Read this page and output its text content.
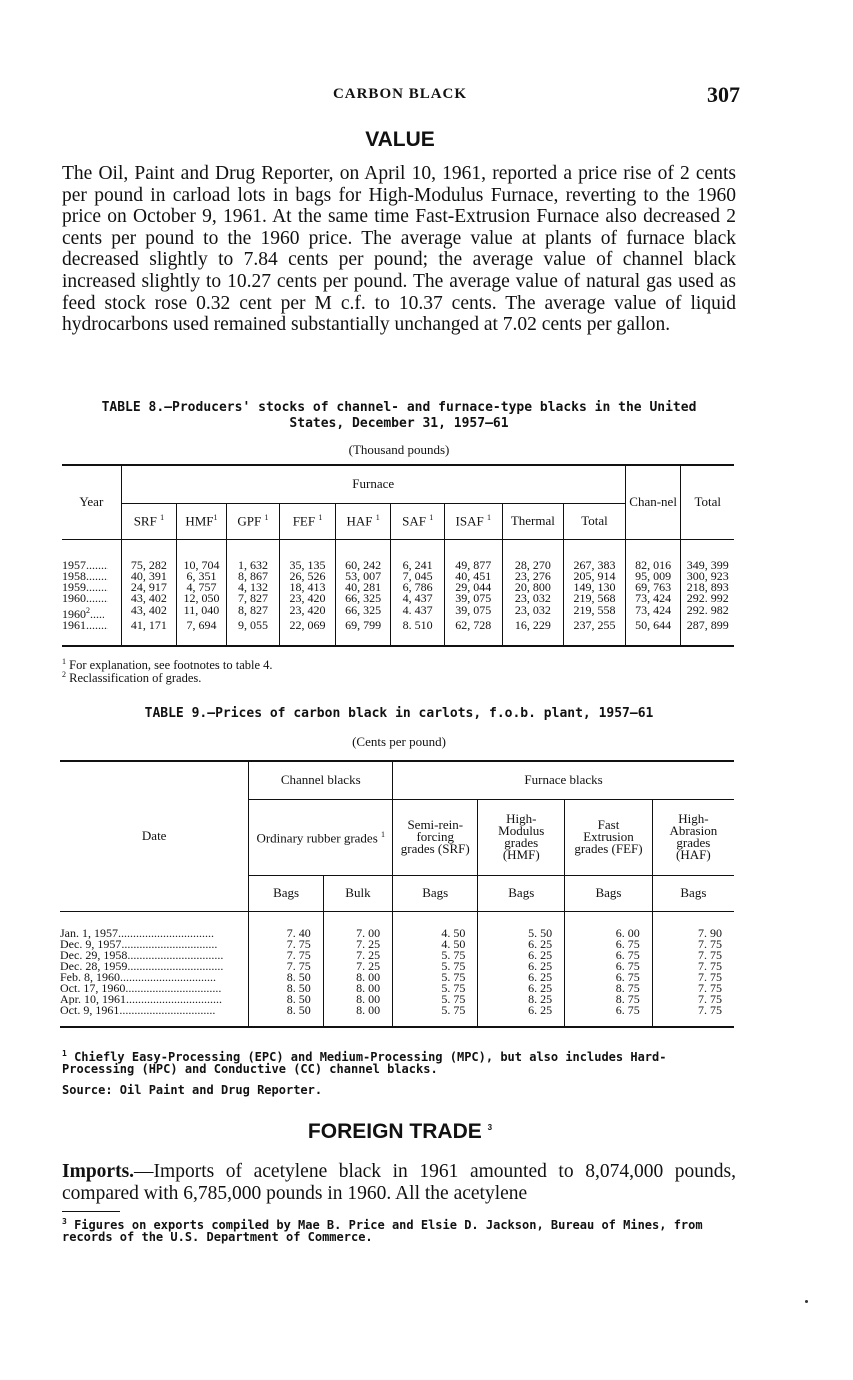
CARBON BLACK	307
VALUE

The Oil, Paint and Drug Reporter, on April 10, 1961, reported a price rise of 2 cents per pound in carload lots in bags for High-Modulus Furnace, reverting to the 1960 price on October 9, 1961. At the same time Fast-Extrusion Furnace also decreased 2 cents per pound to the 1960 price. The average value at plants of furnace black decreased slightly to 7.84 cents per pound; the average value of channel black increased slightly to 10.27 cents per pound. The average value of natural gas used as feed stock rose 0.32 cent per M c.f. to 10.37 cents. The average value of liquid hydrocarbons used remained substantially unchanged at 7.02 cents per gallon.

TABLE 8.—Producers' stocks of channel- and furnace-type blacks in the United
States, December 31, 1957–61
(Thousand pounds)
Year	Furnace									Chan-nel	Total
	SRF $^1$	HMF$^1$	GPF $^1$	FEF $^1$	HAF $^1$	SAF $^1$	ISAF $^1$	Thermal	Total		
1957.....	75, 282	10, 704	1, 632	35, 135	60, 242	6, 241	49, 877	28, 270	267, 383	82, 016	349, 399
1958.....	40, 391	6, 351	8, 867	26, 526	53, 007	7, 045	40, 451	23, 276	205, 914	95, 009	300, 923
1959.....	24, 917	4, 757	4, 132	18, 413	40, 281	6, 786	29, 044	20, 800	149, 130	69, 763	218, 893
1960.....	43, 402	12, 050	7, 827	23, 420	66, 325	4, 437	39, 075	23, 032	219, 568	73, 424	292. 992
1960$^2$.....	43, 402	11, 040	8, 827	23, 420	66, 325	4. 437	39, 075	23, 032	219, 558	73, 424	292. 982
1961.....	41, 171	7, 694	9, 055	22, 069	69, 799	8. 510	62, 728	16, 229	237, 255	50, 644	287, 899

$^1$ For explanation, see footnotes to table 4.

$^2$ Reclassification of grades.

TABLE 9.—Prices of carbon black in carlots, f.o.b. plant, 1957–61
(Cents per pound)
Date	Channel blacks		Furnace blacks			
	Ordinary rubber grades $^1$		Semi-rein-forcing grades (SRF)	High-Modulus grades (HMF)	Fast Extrusion grades (FEF)	High-Abrasion grades (HAF)
	Bags	Bulk	Bags	Bags	Bags	Bags
Jan. 1, 1957 .....	7. 40	7. 00	4. 50	5. 50	6. 00	7. 90
Dec. 9, 1957 .....	7. 75	7. 25	4. 50	6. 25	6. 75	7. 75
Dec. 29, 1958 .....	7. 75	7. 25	5. 75	6. 25	6. 75	7. 75
Dec. 28, 1959 .....	7. 75	7. 25	5. 75	6. 25	6. 75	7. 75
Feb. 8, 1960 .....	8. 50	8. 00	5. 75	6. 25	6. 75	7. 75
Oct. 17, 1960 .....	8. 50	8. 00	5. 75	6. 25	8. 75	7. 75
Apr. 10, 1961 .....	8. 50	8. 00	5. 75	8. 25	8. 75	7. 75
Oct. 9, 1961 .....	8. 50	8. 00	5. 75	6. 25	6. 75	7. 75

$^1$ Chiefly Easy-Processing (EPC) and Medium-Processing (MPC), but also includes Hard-Processing (HPC) and Conductive (CC) channel blacks.

Source: Oil Paint and Drug Reporter.

FOREIGN TRADE $^3$

Imports.—Imports of acetylene black in 1961 amounted to 8,074,000 pounds, compared with 6,785,000 pounds in 1960. All the acetylene

$^3$ Figures on exports compiled by Mae B. Price and Elsie D. Jackson, Bureau of Mines, from records of the U.S. Department of Commerce.
